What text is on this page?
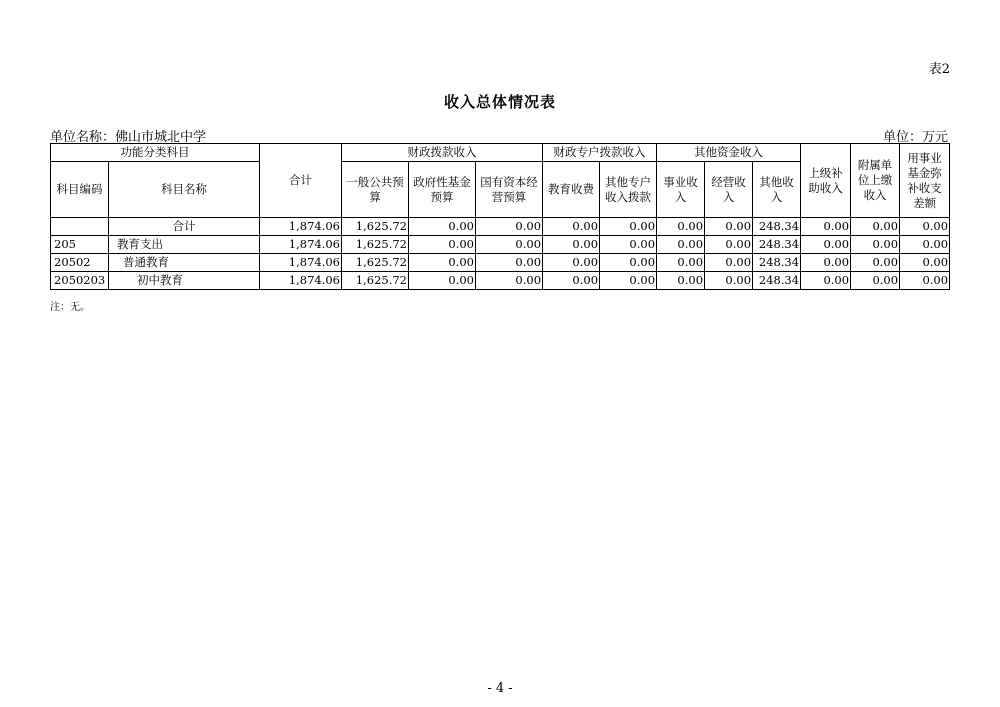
表2
收入总体情况表
单位名称：佛山市城北中学	单位：万元
功能分类科目		合计	财政拨款收入			财政专户拨款收入		其他资金收入			上级补助收入	附属单位上缴收入	用事业基金弥补收支差额
科目编码	科目名称		一般公共预算	政府性基金预算	国有资本经营预算	教育收费	其他专户收入拨款	事业收入	经营收入	其他收入			
	合计	1,874.06	1,625.72	0.00	0.00	0.00	0.00	0.00	0.00	248.34	0.00	0.00	0.00
205	教育支出	1,874.06	1,625.72	0.00	0.00	0.00	0.00	0.00	0.00	248.34	0.00	0.00	0.00
20502	普通教育	1,874.06	1,625.72	0.00	0.00	0.00	0.00	0.00	0.00	248.34	0.00	0.00	0.00
2050203	初中教育	1,874.06	1,625.72	0.00	0.00	0.00	0.00	0.00	0.00	248.34	0.00	0.00	0.00
注：无。
- 4 -
